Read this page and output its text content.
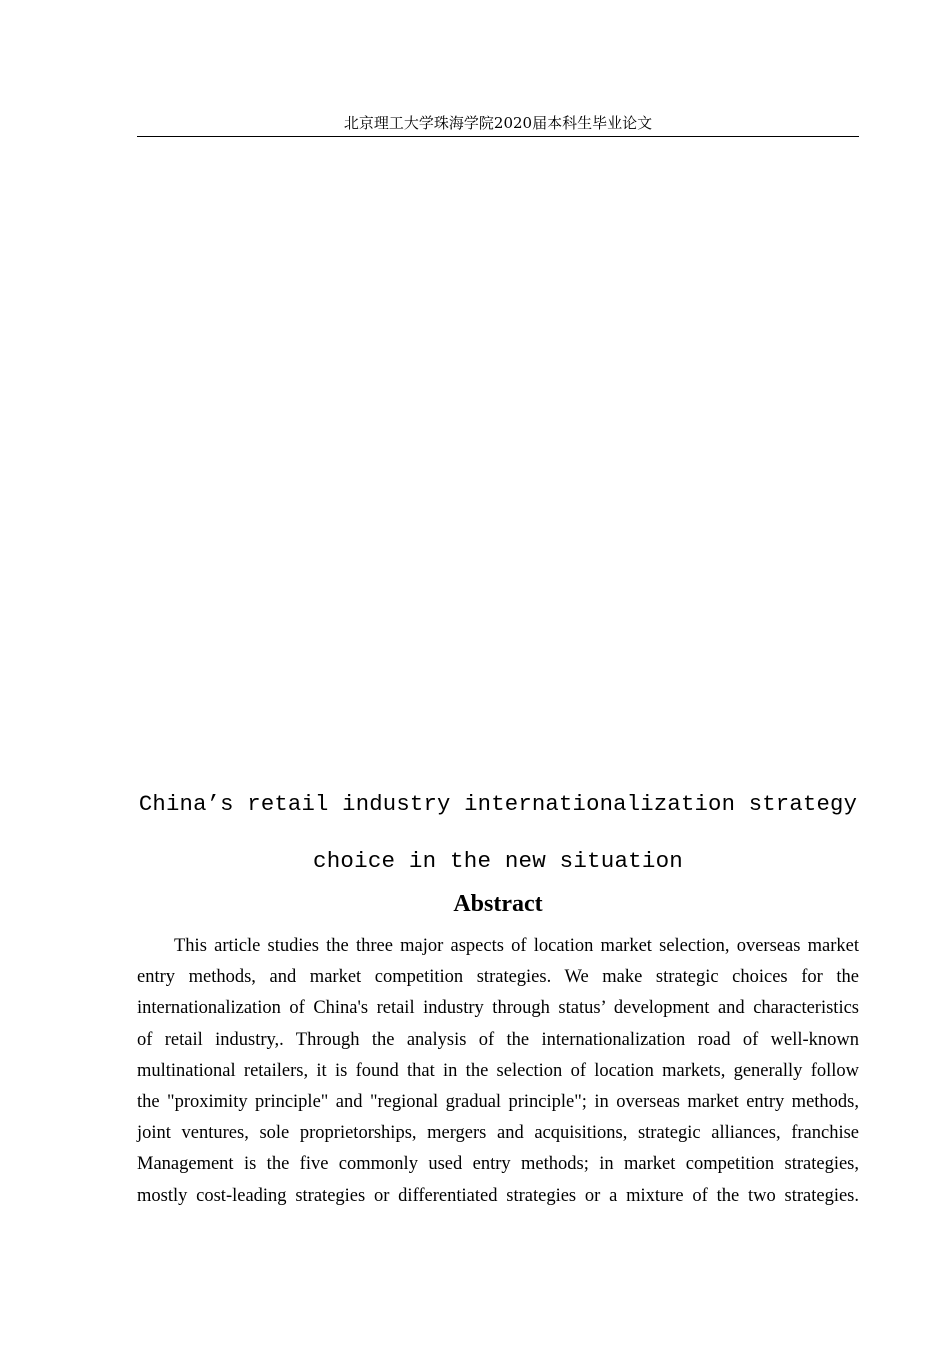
北京理工大学珠海学院2020届本科生毕业论文
China’s retail industry internationalization strategy
choice in the new situation
Abstract
This article studies the three major aspects of location market selection, overseas market
entry methods, and market competition strategies. We make strategic choices for the
internationalization of China's retail industry through status’ development and characteristics
of retail industry,. Through the analysis of the internationalization road of well-known
multinational retailers, it is found that in the selection of location markets, generally follow
the "proximity principle" and "regional gradual principle"; in overseas market entry methods,
joint ventures, sole proprietorships, mergers and acquisitions, strategic alliances, franchise
Management is the five commonly used entry methods; in market competition strategies,
mostly cost-leading strategies or differentiated strategies or a mixture of the two strategies.
